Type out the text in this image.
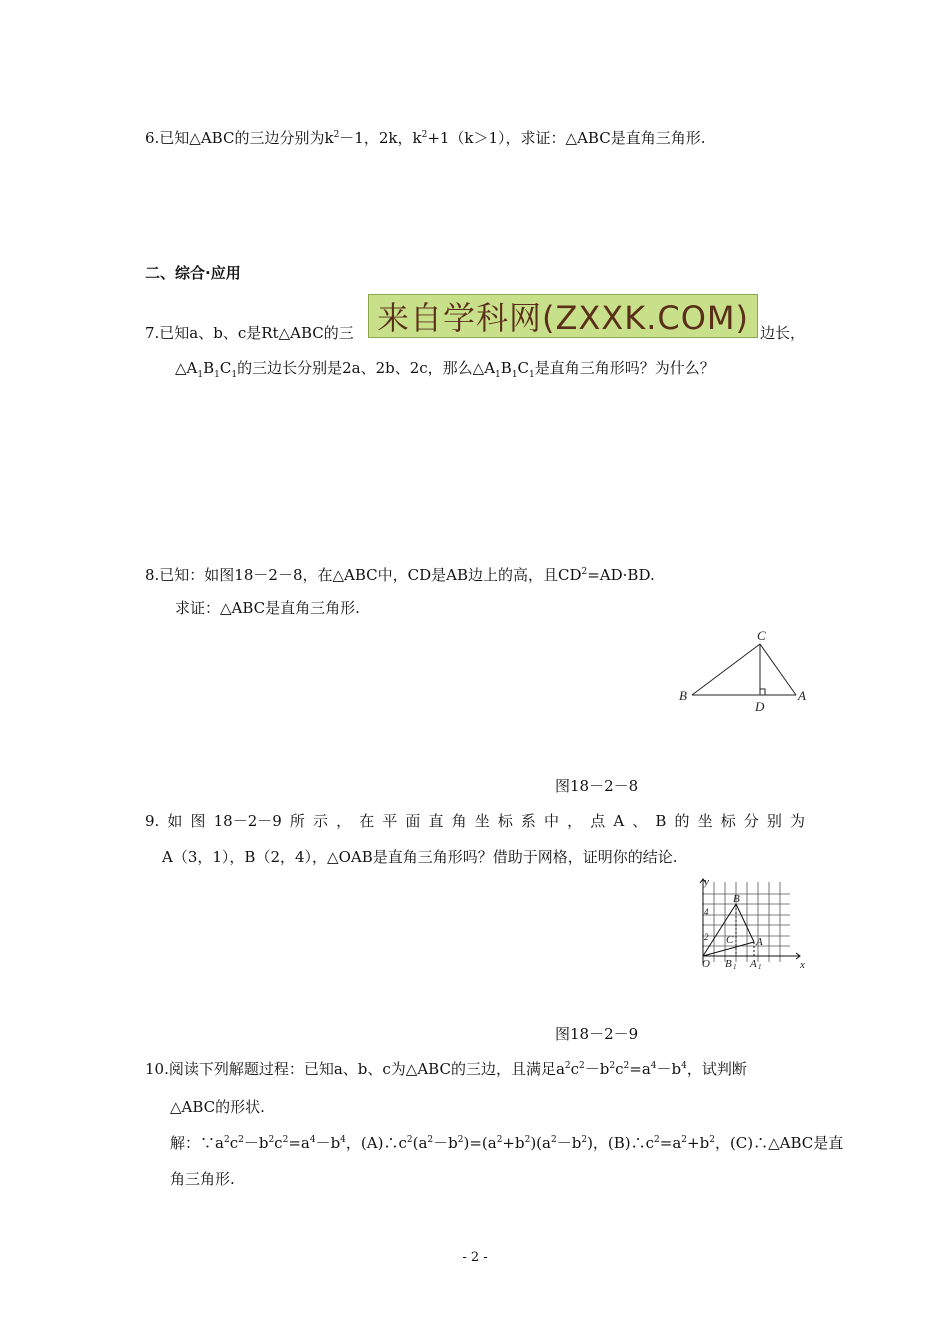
6.已知△ABC的三边分别为$k^2-1$，2k，$k^2+1(k>1)$，求证：△ABC是直角三角形.
二、综合·应用
7.已知a、b、c是Rt△ABC的三	边长，
$\triangle A_1B_1C_1$的三边长分别是2a、2b、2c，那么$\triangle A_1B_1C_1$是直角三角形吗？为什么？
来自学科网(ZXXK.COM)
8.已知：如图18－2－8，在△ABC中，CD是AB边上的高，且$CD^2=AD\cdot BD$.
求证：△ABC是直角三角形.
C
B
D
A
图18－2－8
9.如图18－2－9所示，在平面直角坐标系中，点A、B的坐标分别为
A（3，1），B（2，4），△OAB是直角三角形吗？借助于网格，证明你的结论.
y
x
O
4
2
B
C A
B 1 A 1
图18－2－9
10.阅读下列解题过程：已知a、b、c为△ABC的三边，且满足$a^2c^2-b^2c^2=a^4-b^4$，试判断
△ABC的形状.
解：$\because a^2c^2-b^2c^2=a^4-b^4$，$(A)\therefore c^2(a^2-b^2)=(a^2+b^2)(a^2-b^2)$，$(B)\therefore c^2=a^2+b^2$，(C)∴△ABC是直
角三角形.
- 2 -
